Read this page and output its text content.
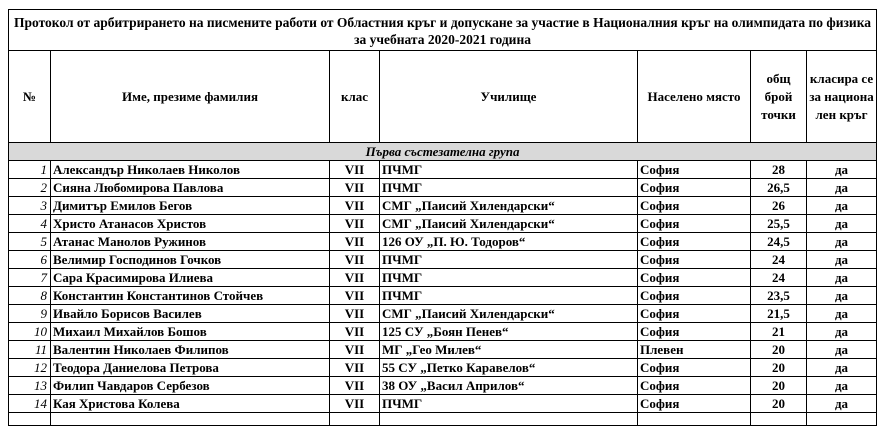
Протокол от арбитрирането на писмените работи от Областния кръг и допускане за участие в Националния кръг на олимпидата по физика за учебната 2020-2021 година						
№	Име, презиме фамилия	клас	Училище	Населено място	общ брой точки	класира се за национален кръг
Първа състезателна група						
1	Александър Николаев Николов	VII	ПЧМГ	София	28	да
2	Сияна Любомирова Павлова	VII	ПЧМГ	София	26,5	да
3	Димитър Емилов Бегов	VII	СМГ „Паисий Хилендарски“	София	26	да
4	Христо Атанасов Христов	VII	СМГ „Паисий Хилендарски“	София	25,5	да
5	Атанас Манолов Ружинов	VII	126 ОУ „П. Ю. Тодоров“	София	24,5	да
6	Велимир Господинов Гочков	VII	ПЧМГ	София	24	да
7	Сара Красимирова Илиева	VII	ПЧМГ	София	24	да
8	Константин Константинов Стойчев	VII	ПЧМГ	София	23,5	да
9	Ивайло Борисов Василев	VII	СМГ „Паисий Хилендарски“	София	21,5	да
10	Михаил Михайлов Бошов	VII	125 СУ „Боян Пенев“	София	21	да
11	Валентин Николаев Филипов	VII	МГ „Гео Милев“	Плевен	20	да
12	Теодора Даниелова Петрова	VII	55 СУ „Петко Каравелов“	София	20	да
13	Филип Чавдаров Сербезов	VII	38 ОУ „Васил Априлов“	София	20	да
14	Кая Христова Колева	VII	ПЧМГ	София	20	да
